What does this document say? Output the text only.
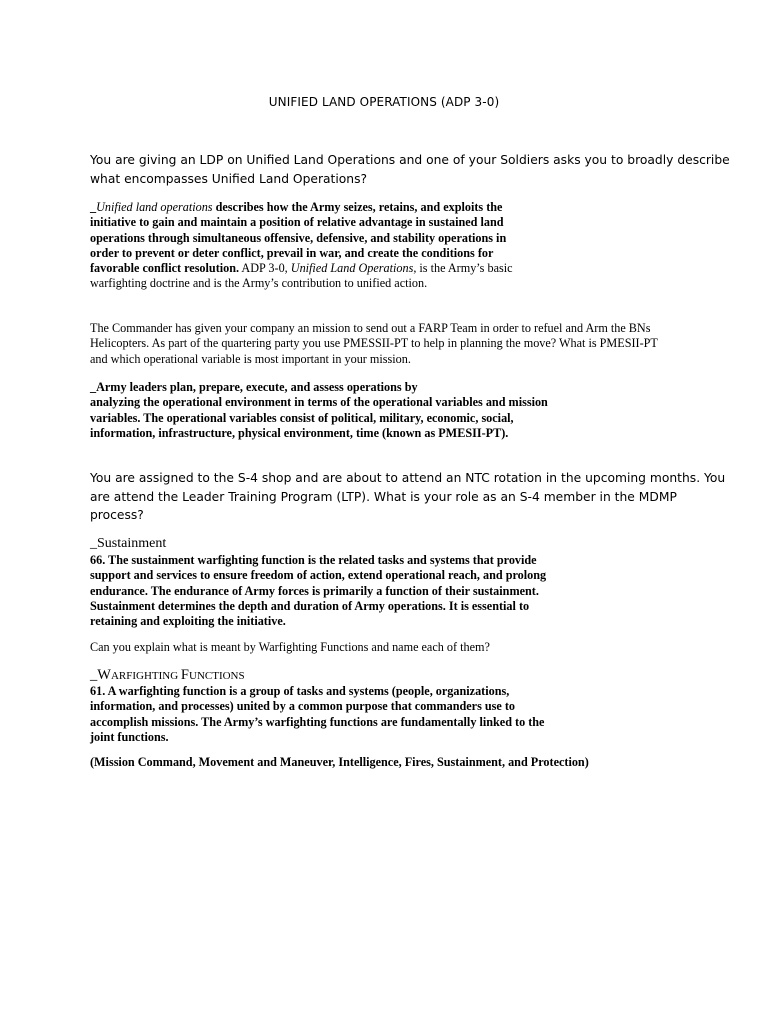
UNIFIED LAND OPERATIONS (ADP 3-0)
You are giving an LDP on Unified Land Operations and one of your Soldiers asks you to broadly describe
what encompasses Unified Land Operations?
_Unified land operations describes how the Army seizes, retains, and exploits the
initiative to gain and maintain a position of relative advantage in sustained land
operations through simultaneous offensive, defensive, and stability operations in
order to prevent or deter conflict, prevail in war, and create the conditions for
favorable conflict resolution. ADP 3-0, Unified Land Operations, is the Army’s basic
warfighting doctrine and is the Army’s contribution to unified action.
The Commander has given your company an mission to send out a FARP Team in order to refuel and Arm the BNs
Helicopters. As part of the quartering party you use PMESSII-PT to help in planning the move? What is PMESII-PT
and which operational variable is most important in your mission.
_Army leaders plan, prepare, execute, and assess operations by
analyzing the operational environment in terms of the operational variables and mission
variables. The operational variables consist of political, military, economic, social,
information, infrastructure, physical environment, time (known as PMESII-PT).
You are assigned to the S-4 shop and are about to attend an NTC rotation in the upcoming months. You
are attend the Leader Training Program (LTP). What is your role as an S-4 member in the MDMP
process?
_Sustainment
66. The sustainment warfighting function is the related tasks and systems that provide
support and services to ensure freedom of action, extend operational reach, and prolong
endurance. The endurance of Army forces is primarily a function of their sustainment.
Sustainment determines the depth and duration of Army operations. It is essential to
retaining and exploiting the initiative.
Can you explain what is meant by Warfighting Functions and name each of them?
_WARFIGHTING FUNCTIONS
61. A warfighting function is a group of tasks and systems (people, organizations,
information, and processes) united by a common purpose that commanders use to
accomplish missions. The Army’s warfighting functions are fundamentally linked to the
joint functions.
(Mission Command, Movement and Maneuver, Intelligence, Fires, Sustainment, and Protection)
